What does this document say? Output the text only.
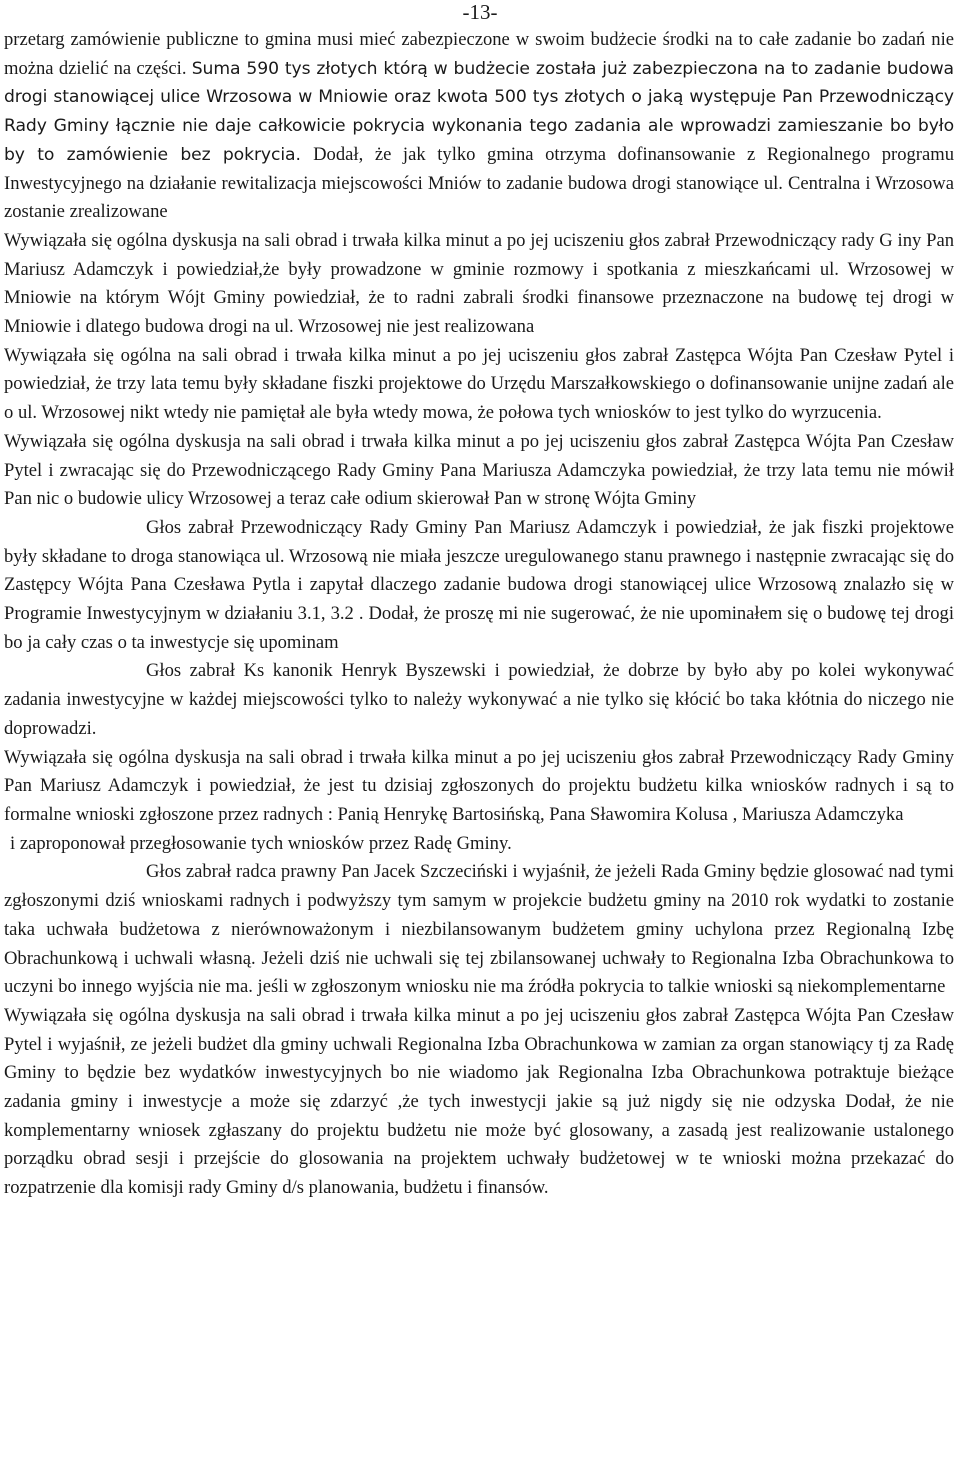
-13-

przetarg zamówienie publiczne to gmina musi mieć zabezpieczone w swoim budżecie środki na to całe zadanie bo zadań nie można dzielić na części. Suma 590 tys złotych którą w budżecie została już zabezpieczona na to zadanie budowa drogi stanowiącej ulice Wrzosowa w Mniowie oraz kwota 500 tys złotych o jaką występuje Pan Przewodniczący Rady Gminy łącznie nie daje całkowicie pokrycia wykonania tego zadania ale wprowadzi zamieszanie bo było by to zamówienie bez pokrycia. Dodał, że jak tylko gmina otrzyma dofinansowanie z Regionalnego programu Inwestycyjnego na działanie rewitalizacja miejscowości Mniów to zadanie budowa drogi stanowiące ul. Centralna i Wrzosowa zostanie zrealizowane

Wywiązała się ogólna dyskusja na sali obrad i trwała kilka minut a po jej uciszeniu głos zabrał Przewodniczący rady G iny Pan Mariusz Adamczyk i powiedział,że były prowadzone w gminie rozmowy i spotkania z mieszkańcami ul. Wrzosowej w Mniowie na którym Wójt Gminy powiedział, że to radni zabrali środki finansowe przeznaczone na budowę tej drogi w Mniowie i dlatego budowa drogi na ul. Wrzosowej nie jest realizowana

Wywiązała się ogólna na sali obrad i trwała kilka minut a po jej uciszeniu głos zabrał Zastępca Wójta Pan Czesław Pytel i powiedział, że trzy lata temu były składane fiszki projektowe do Urzędu Marszałkowskiego o dofinansowanie unijne zadań ale o ul. Wrzosowej nikt wtedy nie pamiętał ale była wtedy mowa, że połowa tych wniosków to jest tylko do wyrzucenia.

Wywiązała się ogólna dyskusja na sali obrad i trwała kilka minut a po jej uciszeniu głos zabrał Zastępca Wójta Pan Czesław Pytel i zwracając się do Przewodniczącego Rady Gminy Pana Mariusza Adamczyka powiedział, że trzy lata temu nie mówił Pan nic o budowie ulicy Wrzosowej a teraz całe odium skierował Pan w stronę Wójta Gminy

Głos zabrał Przewodniczący Rady Gminy Pan Mariusz Adamczyk i powiedział, że jak fiszki projektowe były składane to droga stanowiąca ul. Wrzosową nie miała jeszcze uregulowanego stanu prawnego i następnie zwracając się do Zastępcy Wójta Pana Czesława Pytla i zapytał dlaczego zadanie budowa drogi stanowiącej ulice Wrzosową znalazło się w Programie Inwestycyjnym w działaniu 3.1, 3.2 . Dodał, że proszę mi nie sugerować, że nie upominałem się o budowę tej drogi bo ja cały czas o ta inwestycje się upominam

Głos zabrał Ks kanonik Henryk Byszewski i powiedział, że dobrze by było aby po kolei wykonywać zadania inwestycyjne w każdej miejscowości tylko to należy wykonywać a nie tylko się kłócić bo taka kłótnia do niczego nie doprowadzi.

Wywiązała się ogólna dyskusja na sali obrad i trwała kilka minut a po jej uciszeniu głos zabrał Przewodniczący Rady Gminy Pan Mariusz Adamczyk i powiedział, że jest tu dzisiaj zgłoszonych do projektu budżetu kilka wniosków radnych i są to formalne wnioski zgłoszone przez radnych : Panią Henrykę Bartosińską, Pana Sławomira Kolusa , Mariusza Adamczyka

i zaproponował przegłosowanie tych wniosków przez Radę Gminy.

Głos zabrał radca prawny Pan Jacek Szczeciński i wyjaśnił, że jeżeli Rada Gminy będzie glosować nad tymi zgłoszonymi dziś wnioskami radnych i podwyższy tym samym w projekcie budżetu gminy na 2010 rok wydatki to zostanie taka uchwała budżetowa z nierównoważonym i niezbilansowanym budżetem gminy uchylona przez Regionalną Izbę Obrachunkową i uchwali własną. Jeżeli dziś nie uchwali się tej zbilansowanej uchwały to Regionalna Izba Obrachunkowa to uczyni bo innego wyjścia nie ma. jeśli w zgłoszonym wniosku nie ma źródła pokrycia to talkie wnioski są niekomplementarne

Wywiązała się ogólna dyskusja na sali obrad i trwała kilka minut a po jej uciszeniu głos zabrał Zastępca Wójta Pan Czesław Pytel i wyjaśnił, ze jeżeli budżet dla gminy uchwali Regionalna Izba Obrachunkowa w zamian za organ stanowiący tj za Radę Gminy to będzie bez wydatków inwestycyjnych bo nie wiadomo jak Regionalna Izba Obrachunkowa potraktuje bieżące zadania gminy i inwestycje a może się zdarzyć ,że tych inwestycji jakie są już nigdy się nie odzyska Dodał, że nie komplementarny wniosek zgłaszany do projektu budżetu nie może być glosowany, a zasadą jest realizowanie ustalonego porządku obrad sesji i przejście do glosowania na projektem uchwały budżetowej w te wnioski można przekazać do rozpatrzenie dla komisji rady Gminy d/s planowania, budżetu i finansów.
